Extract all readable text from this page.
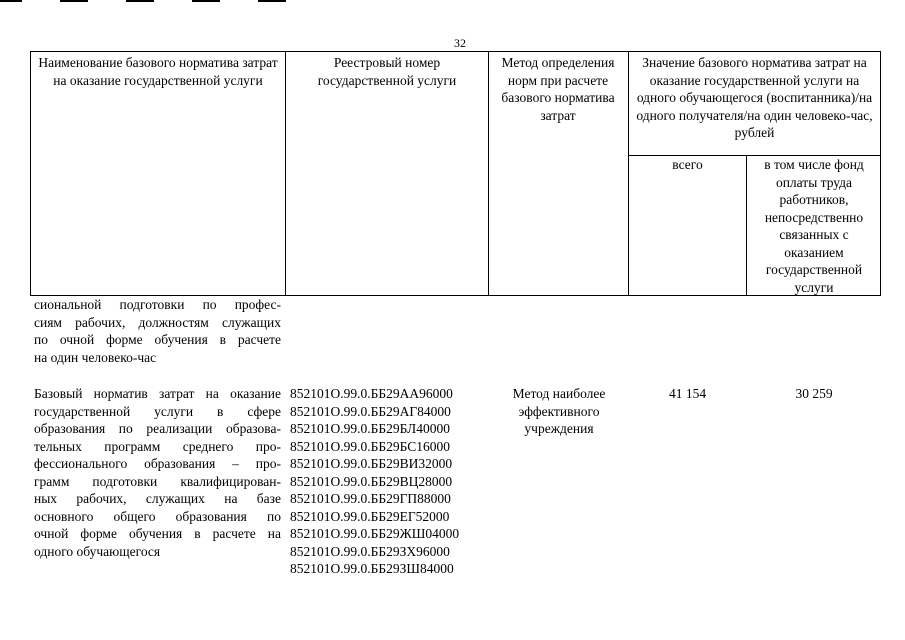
32
Наименование базового норматива затрат на оказание государственной услуги
Реестровый номер государственной услуги
Метод определения норм при расчете базового норматива затрат
Значение базового норматива затрат на оказание государственной услуги на одного обучающегося (воспитанника)/на одного получателя/на один человеко-час, рублей
всего	в том числе фонд оплаты труда работников, непосредственно связанных с оказанием государственной услуги
сиональной подготовки по профес-
сиям рабочих, должностям служащих
по очной форме обучения в расчете
на один человеко-час
Базовый норматив затрат на оказание
государственной услуги в сфере
образования по реализации образова-
тельных программ среднего про-
фессионального образования – про-
грамм подготовки квалифицирован-
ных рабочих, служащих на базе
основного общего образования по
очной форме обучения в расчете на
одного обучающегося
852101О.99.0.ББ29АА96000
852101О.99.0.ББ29АГ84000
852101О.99.0.ББ29БЛ40000
852101О.99.0.ББ29БС16000
852101О.99.0.ББ29ВИ32000
852101О.99.0.ББ29ВЦ28000
852101О.99.0.ББ29ГП88000
852101О.99.0.ББ29ЕГ52000
852101О.99.0.ББ29ЖШ04000
852101О.99.0.ББ29ЗХ96000
852101О.99.0.ББ29ЗШ84000
Метод наиболее эффективного учреждения
41 154	30 259
